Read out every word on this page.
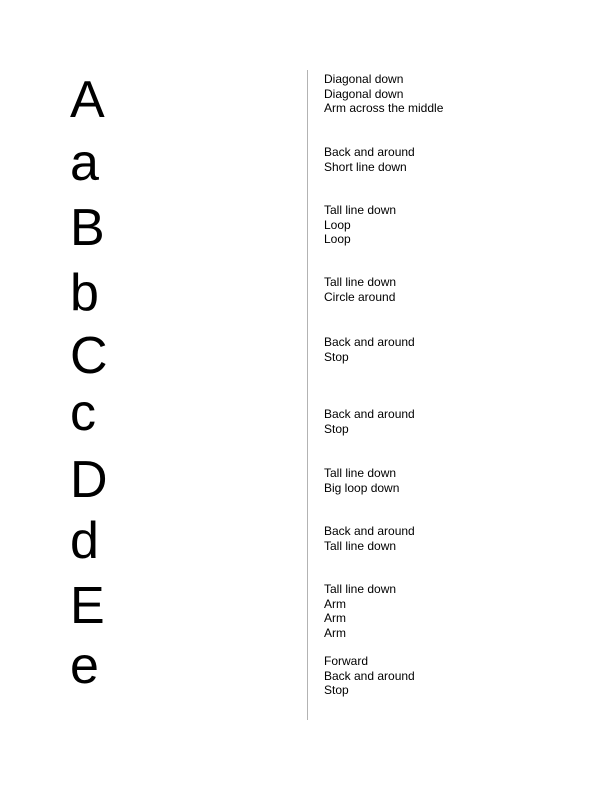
A	Diagonal down
Diagonal down
Arm across the middle
a	Back and around
Short line down
B	Tall line down
Loop
Loop
b	Tall line down
Circle around
C	Back and around
Stop
c	Back and around
Stop
D	Tall line down
Big loop down
d	Back and around
Tall line down
E	Tall line down
Arm
Arm
Arm
e	Forward
Back and around
Stop
